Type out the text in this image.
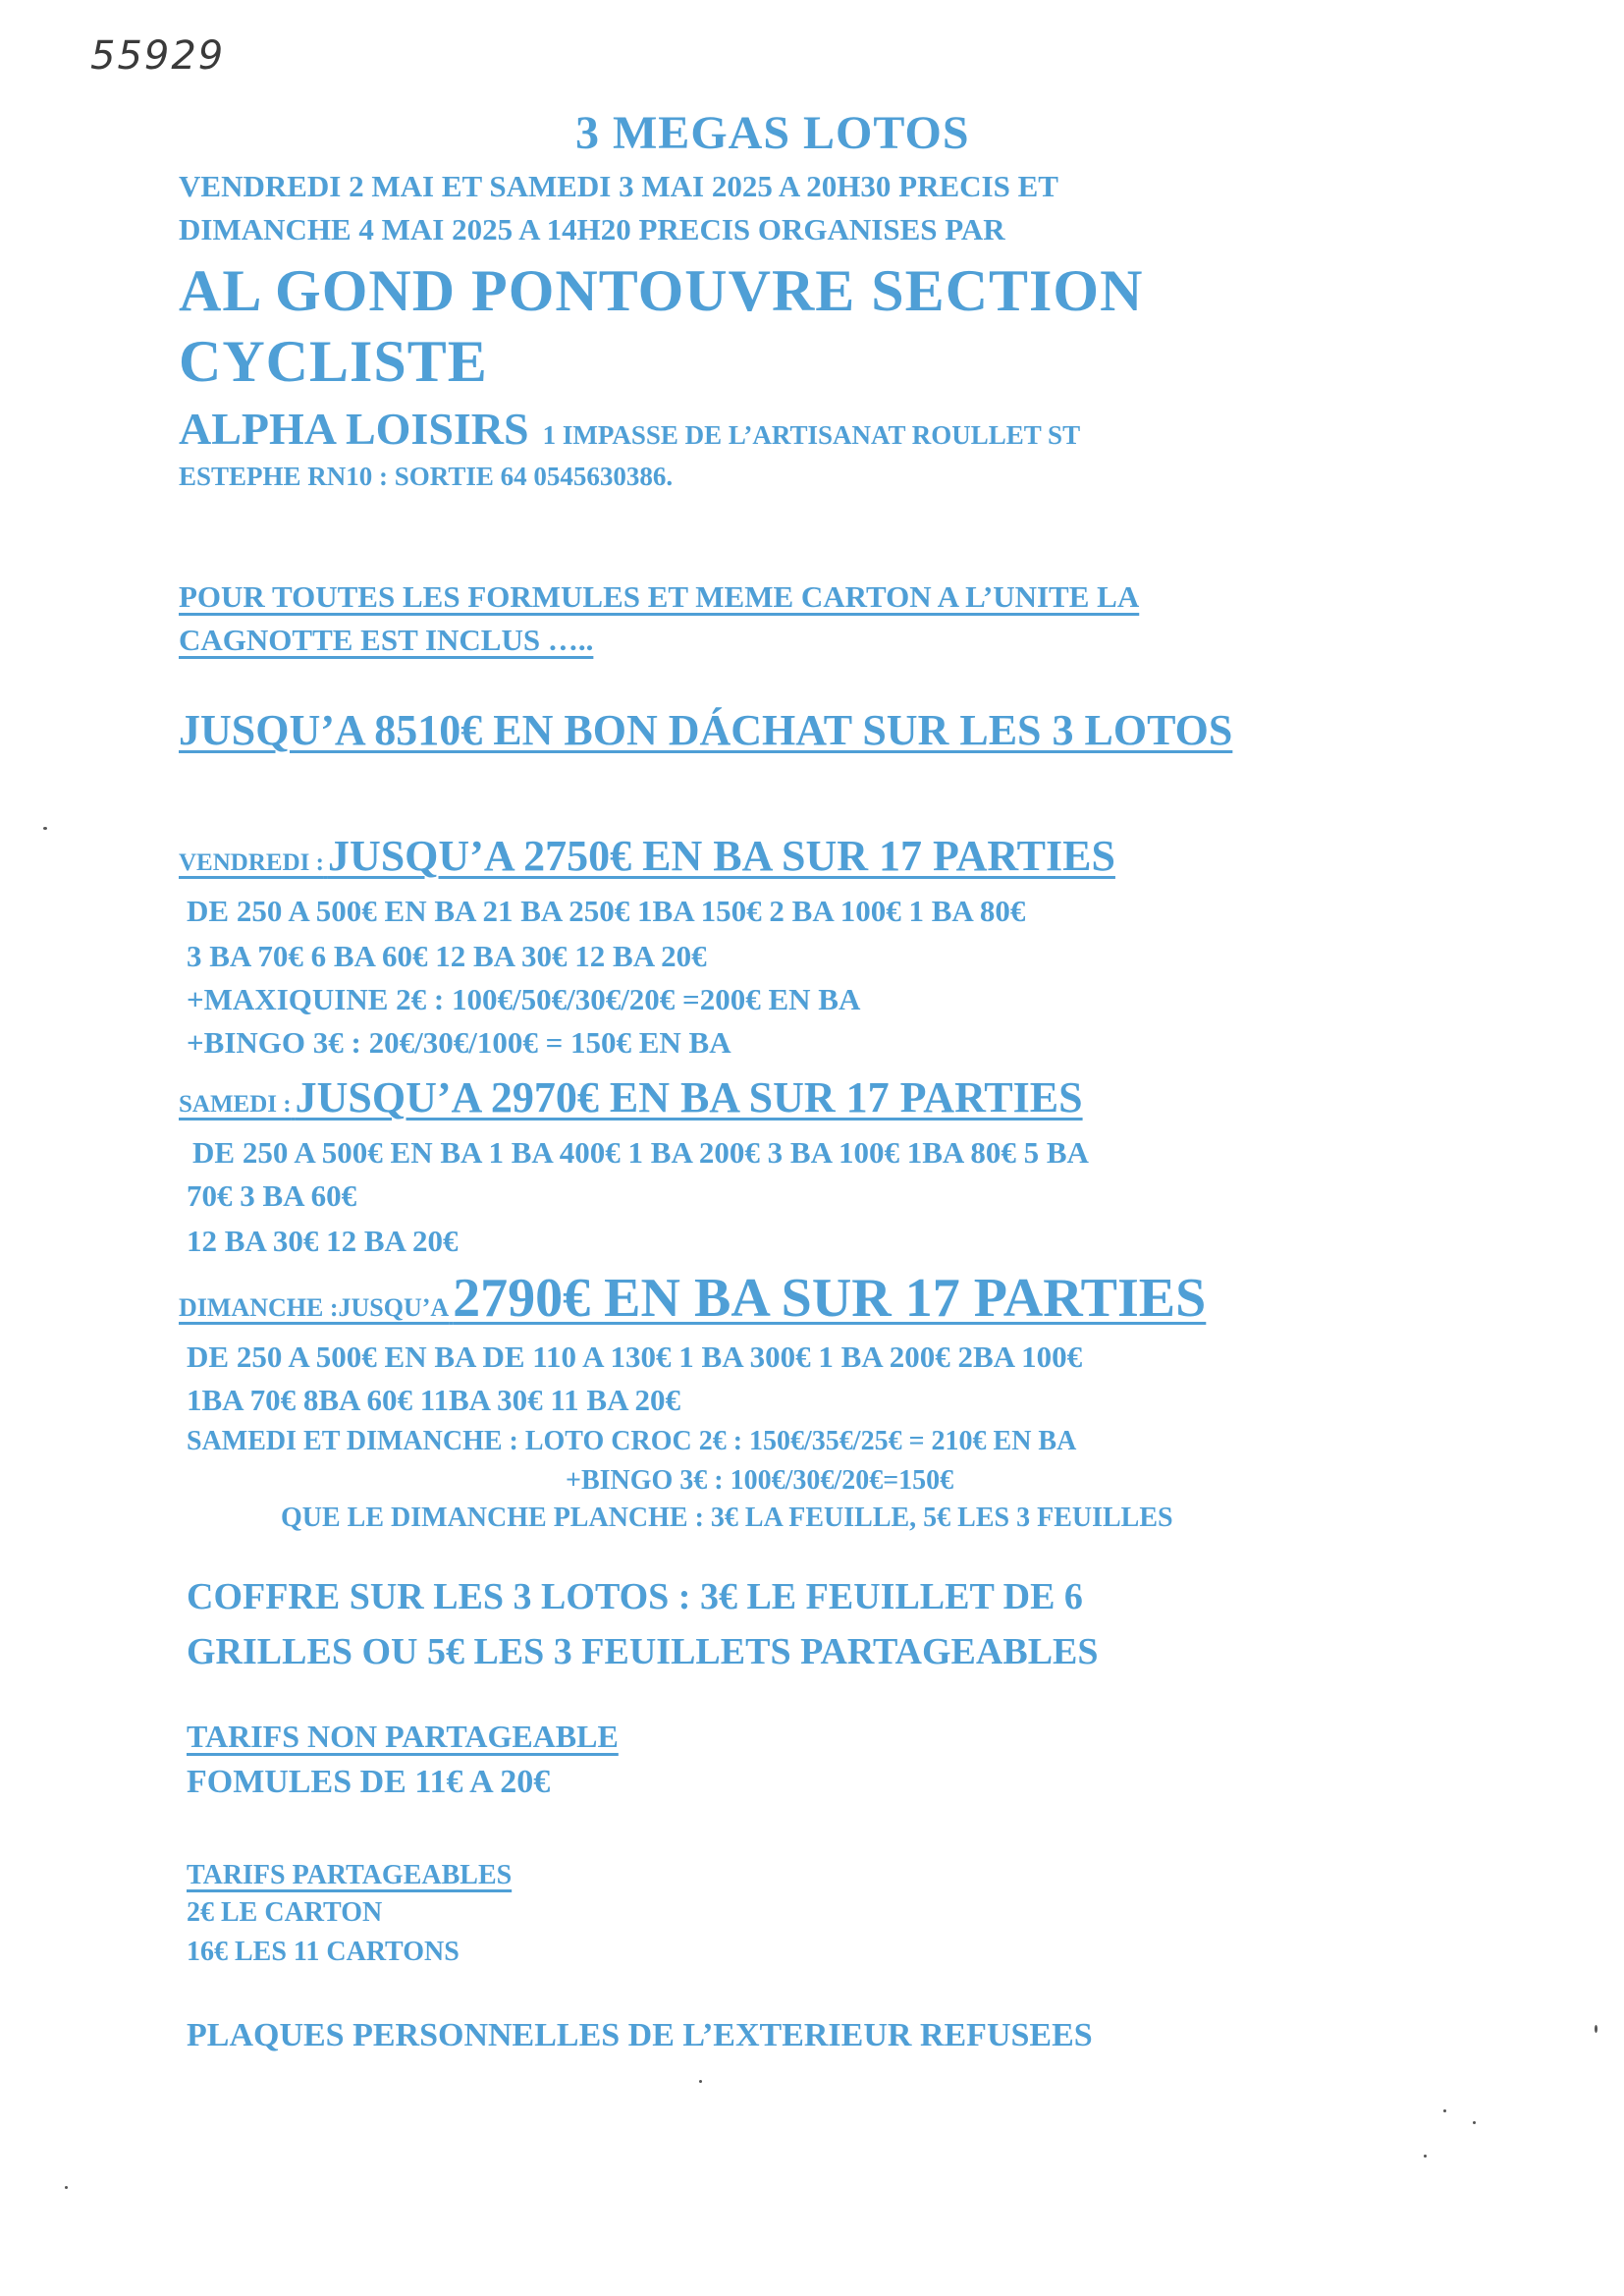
55929
3 MEGAS LOTOS
VENDREDI 2 MAI ET SAMEDI 3 MAI 2025 A 20H30 PRECIS ET
DIMANCHE 4 MAI 2025 A 14H20 PRECIS ORGANISES PAR
AL GOND PONTOUVRE SECTION
CYCLISTE
ALPHA LOISIRS 1 IMPASSE DE L’ARTISANAT ROULLET ST
ESTEPHE RN10 : SORTIE 64 0545630386.
POUR TOUTES LES FORMULES ET MEME CARTON A L’UNITE LA
CAGNOTTE EST INCLUS …..
JUSQU’A 8510€ EN BON DÁCHAT SUR LES 3 LOTOS
VENDREDI : JUSQU’A 2750€ EN BA SUR 17 PARTIES
DE 250 A 500€ EN BA 21 BA 250€ 1BA 150€ 2 BA 100€ 1 BA 80€
3 BA 70€ 6 BA 60€ 12 BA 30€ 12 BA 20€
+MAXIQUINE 2€ : 100€/50€/30€/20€ =200€ EN BA
+BINGO 3€ : 20€/30€/100€ = 150€ EN BA
SAMEDI : JUSQU’A 2970€ EN BA SUR 17 PARTIES
DE 250 A 500€ EN BA 1 BA 400€ 1 BA 200€ 3 BA 100€ 1BA 80€ 5 BA
70€ 3 BA 60€
12 BA 30€ 12 BA 20€
DIMANCHE :JUSQU’A 2790€ EN BA SUR 17 PARTIES
DE 250 A 500€ EN BA DE 110 A 130€ 1 BA 300€ 1 BA 200€ 2BA 100€
1BA 70€ 8BA 60€ 11BA 30€ 11 BA 20€
SAMEDI ET DIMANCHE : LOTO CROC 2€ : 150€/35€/25€ = 210€ EN BA
+BINGO 3€ : 100€/30€/20€=150€
QUE LE DIMANCHE PLANCHE : 3€ LA FEUILLE, 5€ LES 3 FEUILLES
COFFRE SUR LES 3 LOTOS : 3€ LE FEUILLET DE 6
GRILLES OU 5€ LES 3 FEUILLETS PARTAGEABLES
TARIFS NON PARTAGEABLE
FOMULES DE 11€ A 20€
TARIFS PARTAGEABLES
2€ LE CARTON
16€ LES 11 CARTONS
PLAQUES PERSONNELLES DE L’EXTERIEUR REFUSEES
